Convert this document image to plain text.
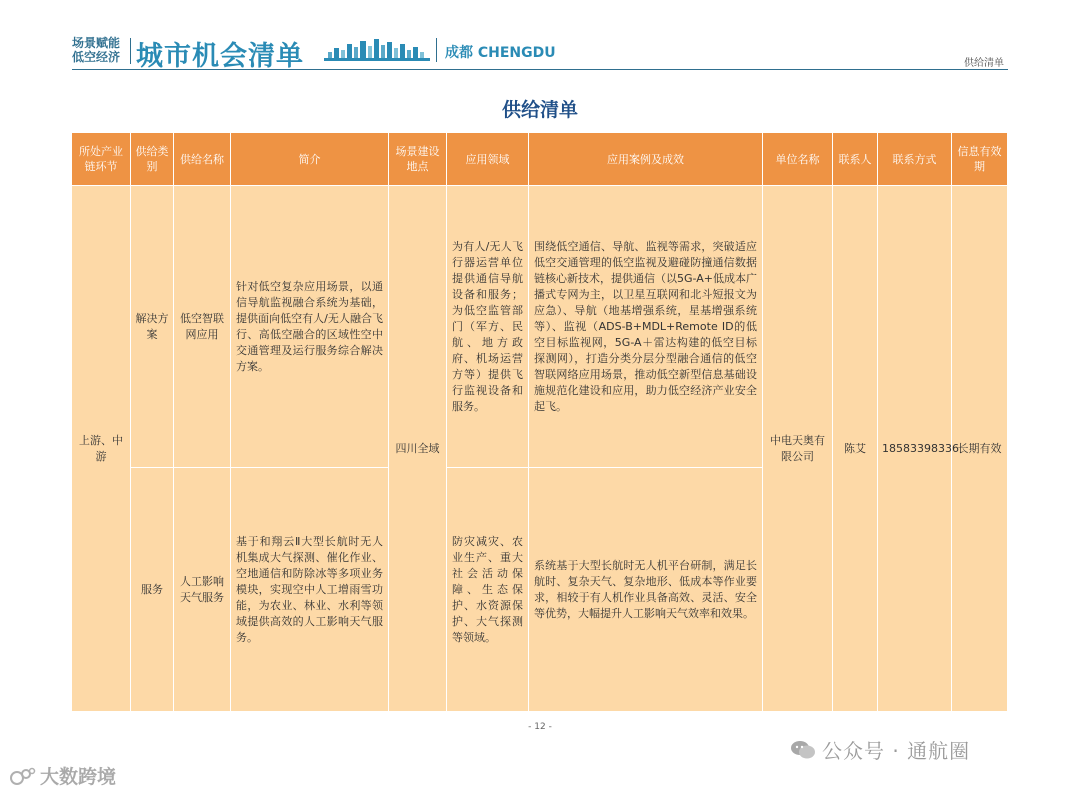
场景赋能
低空经济 城市机会清单	成都 CHENGDU
供给清单
供给清单
所处产业链环节	供给类别	供给名称	简介	场景建设地点	应用领域	应用案例及成效	单位名称	联系人	联系方式	信息有效期
上游、中游	解决方案	低空智联网应用	针对低空复杂应用场景，以通信导航监视融合系统为基础，提供面向低空有人/无人融合飞行、高低空融合的区域性空中交通管理及运行服务综合解决方案。	四川全域	为有人/无人飞行器运营单位提供通信导航设备和服务；为低空监管部门（军方、民航、地方政府、机场运营方等）提供飞行监视设备和服务。	围绕低空通信、导航、监视等需求，突破适应低空交通管理的低空监视及避碰防撞通信数据链核心新技术，提供通信（以5G-A+低成本广播式专网为主，以卫星互联网和北斗短报文为应急）、导航（地基增强系统，星基增强系统等）、监视（ADS-B+MDL+Remote ID的低空目标监视网，5G-A＋雷达构建的低空目标探测网），打造分类分层分型融合通信的低空智联网络应用场景，推动低空新型信息基础设施规范化建设和应用，助力低空经济产业安全起飞。	中电天奥有限公司	陈艾	18583398336	长期有效
	服务	人工影响天气服务	基于和翔云Ⅱ大型长航时无人机集成大气探测、催化作业、空地通信和防除冰等多项业务模块，实现空中人工增雨雪功能，为农业、林业、水利等领域提供高效的人工影响天气服务。		防灾减灾、农业生产、重大社会活动保障、生态保护、水资源保护、大气探测等领域。	系统基于大型长航时无人机平台研制，满足长航时、复杂天气、复杂地形、低成本等作业要求，相较于有人机作业具备高效、灵活、安全等优势，大幅提升人工影响天气效率和效果。				
- 12 -
公众号 · 通航圈
大数跨境
